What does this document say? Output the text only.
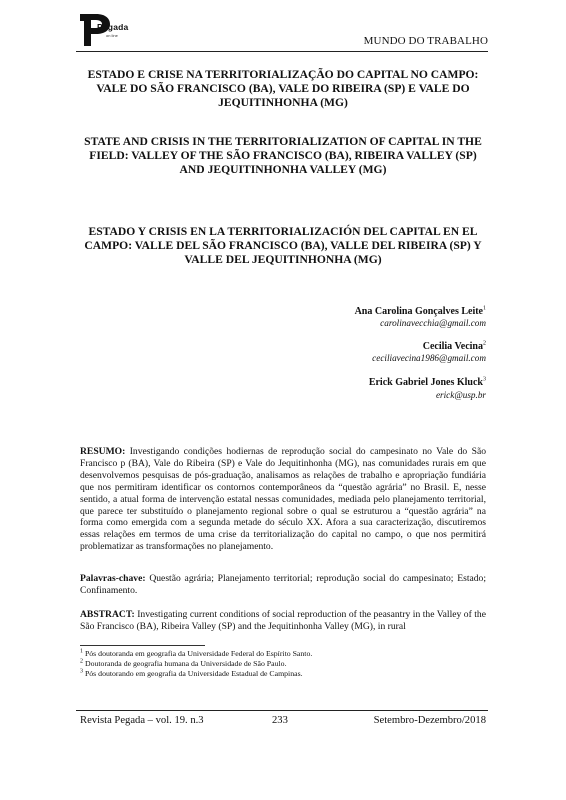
Pegada
on line	MUNDO DO TRABALHO
ESTADO E CRISE NA TERRITORIALIZAÇÃO DO CAPITAL NO CAMPO: VALE DO SÃO FRANCISCO (BA), VALE DO RIBEIRA (SP) E VALE DO JEQUITINHONHA (MG)
STATE AND CRISIS IN THE TERRITORIALIZATION OF CAPITAL IN THE FIELD: VALLEY OF THE SÃO FRANCISCO (BA), RIBEIRA VALLEY (SP) AND JEQUITINHONHA VALLEY (MG)
ESTADO Y CRISIS EN LA TERRITORIALIZACIÓN DEL CAPITAL EN EL CAMPO: VALLE DEL SÃO FRANCISCO (BA), VALLE DEL RIBEIRA (SP) Y VALLE DEL JEQUITINHONHA (MG)
Ana Carolina Gonçalves Leite$^1$
carolinavecchia@gmail.com
Cecilia Vecina$^2$
ceciliavecina1986@gmail.com
Erick Gabriel Jones Kluck$^3$
erick@usp.br
RESUMO: Investigando condições hodiernas de reprodução social do campesinato no Vale do São Francisco p (BA), Vale do Ribeira (SP) e Vale do Jequitinhonha (MG), nas comunidades rurais em que desenvolvemos pesquisas de pós-graduação, analisamos as relações de trabalho e apropriação fundiária que nos permitiram identificar os contornos contemporâneos da “questão agrária” no Brasil. E, nesse sentido, a atual forma de intervenção estatal nessas comunidades, mediada pelo planejamento territorial, que parece ter substituído o planejamento regional sobre o qual se estruturou a “questão agrária” na forma como emergida com a segunda metade do século XX. Afora a sua caracterização, discutiremos essas relações em termos de uma crise da territorialização do capital no campo, o que nos permitirá problematizar as transformações no planejamento.
Palavras-chave: Questão agrária; Planejamento territorial; reprodução social do campesinato; Estado; Confinamento.
ABSTRACT: Investigating current conditions of social reproduction of the peasantry in the Valley of the São Francisco (BA), Ribeira Valley (SP) and the Jequitinhonha Valley (MG), in rural
$^1$ Pós doutoranda em geografia da Universidade Federal do Espírito Santo.
$^2$ Doutoranda de geografia humana da Universidade de São Paulo.
$^3$ Pós doutorando em geografia da Universidade Estadual de Campinas.
Revista Pegada – vol. 19. n.3	233	Setembro-Dezembro/2018
